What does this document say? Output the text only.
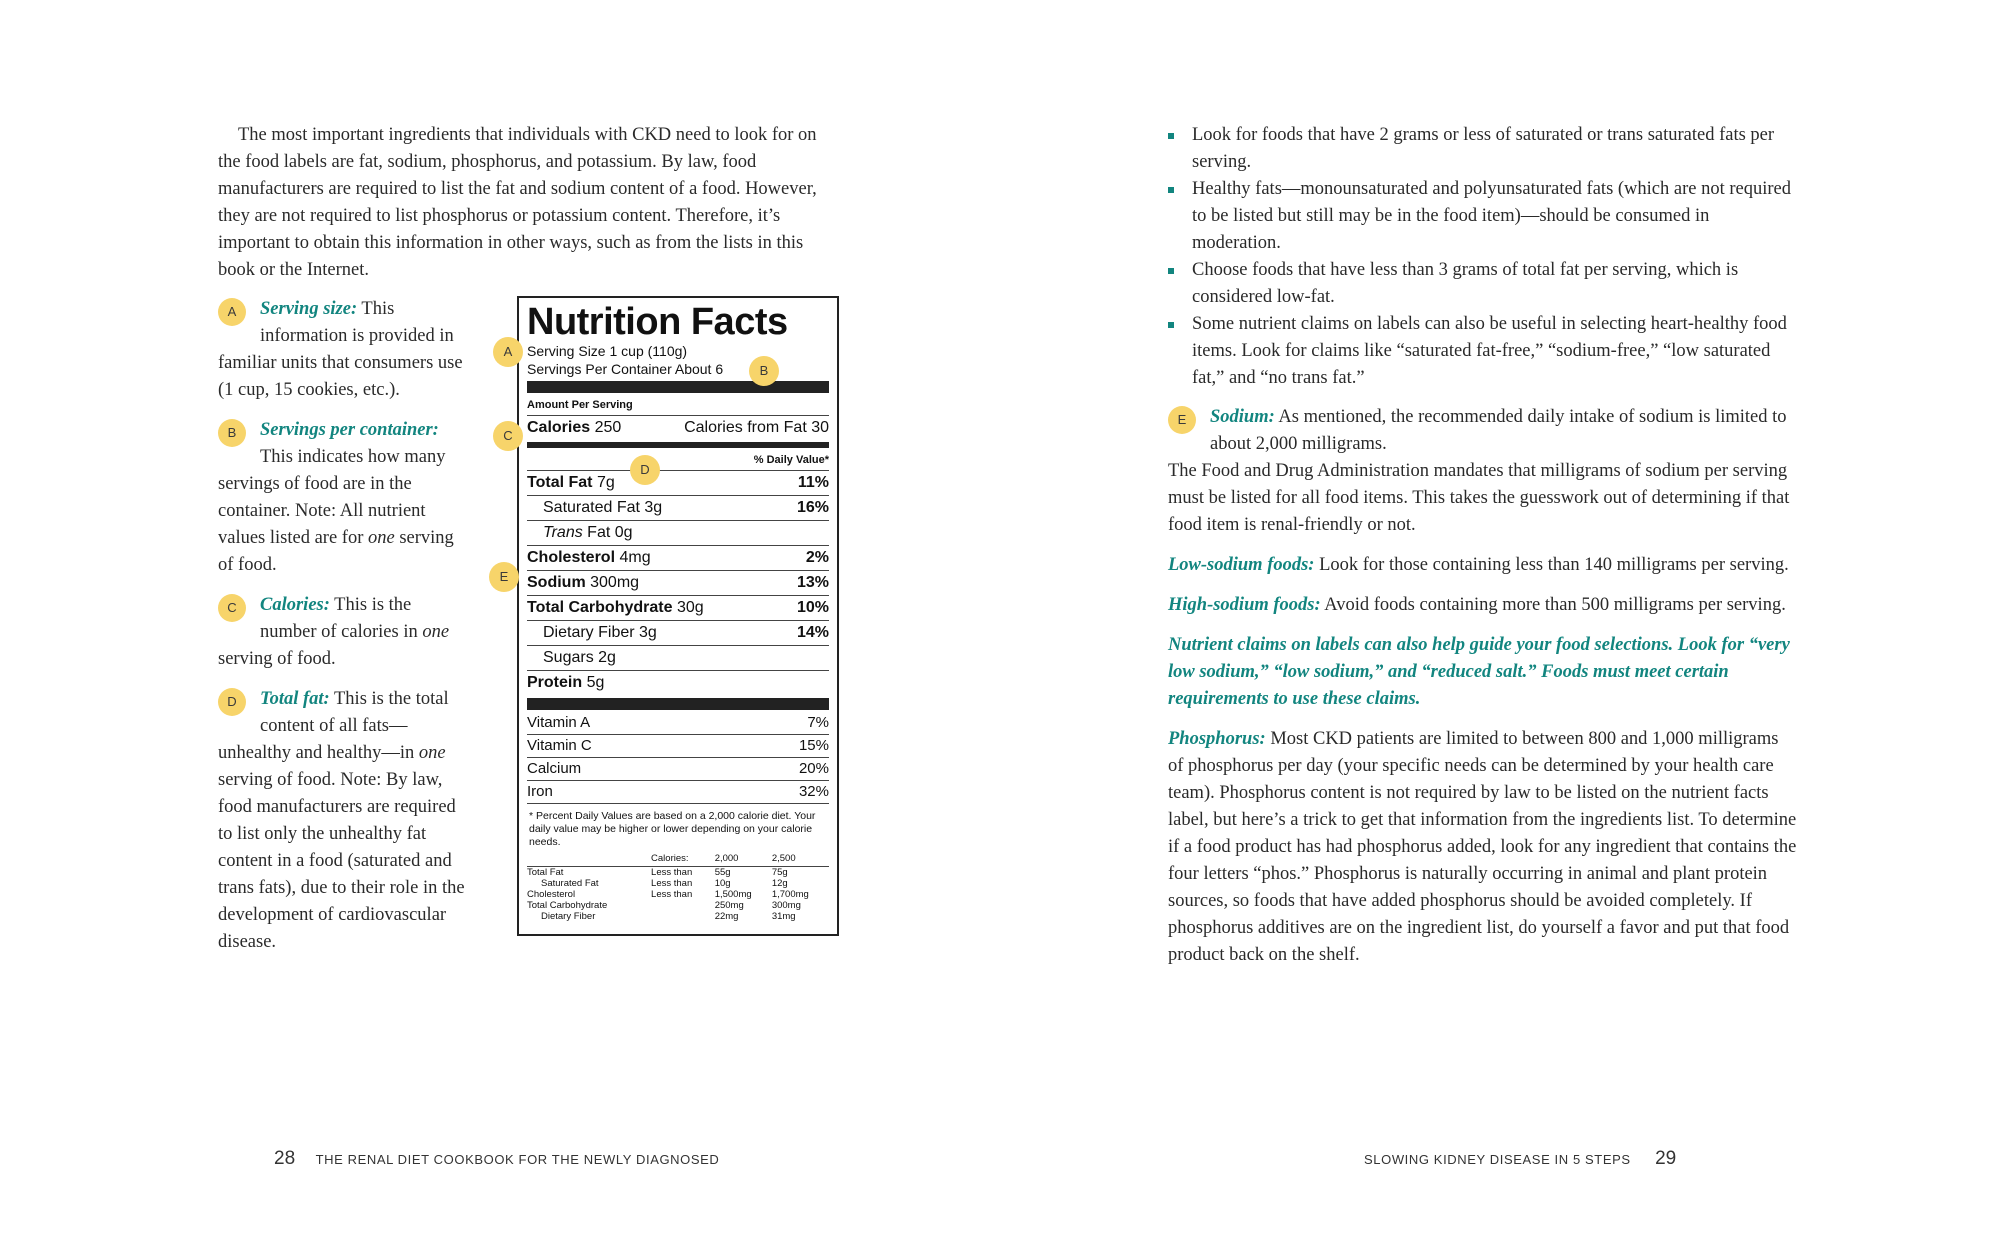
The most important ingredients that individuals with CKD need to look for on the food labels are fat, sodium, phosphorus, and potassium. By law, food manufacturers are required to list the fat and sodium content of a food. However, they are not required to list phosphorus or potassium content. Therefore, it’s important to obtain this information in other ways, such as from the lists in this book or the Internet.

A	Serving size: This information is provided in
familiar units that consumers use (1 cup, 15 cookies, etc.).
B	Servings per container:
This indicates how many
servings of food are in the container. Note: All nutrient values listed are for one serving of food.
C	Calories: This is the number of calories in one
serving of food.
D	Total fat: This is the total content of all fats—
unhealthy and healthy—in one serving of food. Note: By law, food manufacturers are required to list only the unhealthy fat content in a food (saturated and trans fats), due to their role in the development of cardiovascular disease.
Nutrition Facts
Serving Size 1 cup (110g)
Servings Per Container About 6
Amount Per Serving
Calories 250	Calories from Fat 30
% Daily Value*
Total Fat 7g	11%
Saturated Fat 3g	16%
Trans Fat 0g
Cholesterol 4mg	2%
Sodium 300mg	13%
Total Carbohydrate 30g	10%
Dietary Fiber 3g	14%
Sugars 2g
Protein 5g
Vitamin A	7%
Vitamin C	15%
Calcium	20%
Iron	32%
* Percent Daily Values are based on a 2,000 calorie diet. Your daily value may be higher or lower depending on your calorie needs.
	Calories:	2,000	2,500
Total Fat	Less than	55g	75g
Saturated Fat	Less than	10g	12g
Cholesterol	Less than	1,500mg	1,700mg
Total Carbohydrate		250mg	300mg
Dietary Fiber		22mg	31mg
A
B
C
D
E
28 THE RENAL DIET COOKBOOK FOR THE NEWLY DIAGNOSED
Look for foods that have 2 grams or less of saturated or trans saturated fats per serving.
Healthy fats—monounsaturated and polyunsaturated fats (which are not required to be listed but still may be in the food item)—should be consumed in moderation.
Choose foods that have less than 3 grams of total fat per serving, which is considered low-fat.
Some nutrient claims on labels can also be useful in selecting heart-healthy food items. Look for claims like “saturated fat-free,” “sodium-free,” “low saturated fat,” and “no trans fat.”

E	Sodium: As mentioned, the recommended daily intake of sodium is limited to about 2,000 milligrams.
The Food and Drug Administration mandates that milligrams of sodium per serving must be listed for all food items. This takes the guesswork out of determining if that food item is renal-friendly or not.

Low-sodium foods: Look for those containing less than 140 milligrams per serving.

High-sodium foods: Avoid foods containing more than 500 milligrams per serving.

Nutrient claims on labels can also help guide your food selections. Look for “very low sodium,” “low sodium,” and “reduced salt.” Foods must meet certain requirements to use these claims.

Phosphorus: Most CKD patients are limited to between 800 and 1,000 milligrams of phosphorus per day (your specific needs can be determined by your health care team). Phosphorus content is not required by law to be listed on the nutrient facts label, but here’s a trick to get that information from the ingredients list. To determine if a food product has had phosphorus added, look for any ingredient that contains the four letters “phos.” Phosphorus is naturally occurring in animal and plant protein sources, so foods that have added phosphorus should be avoided completely. If phosphorus additives are on the ingredient list, do yourself a favor and put that food product back on the shelf.

SLOWING KIDNEY DISEASE IN 5 STEPS 29
